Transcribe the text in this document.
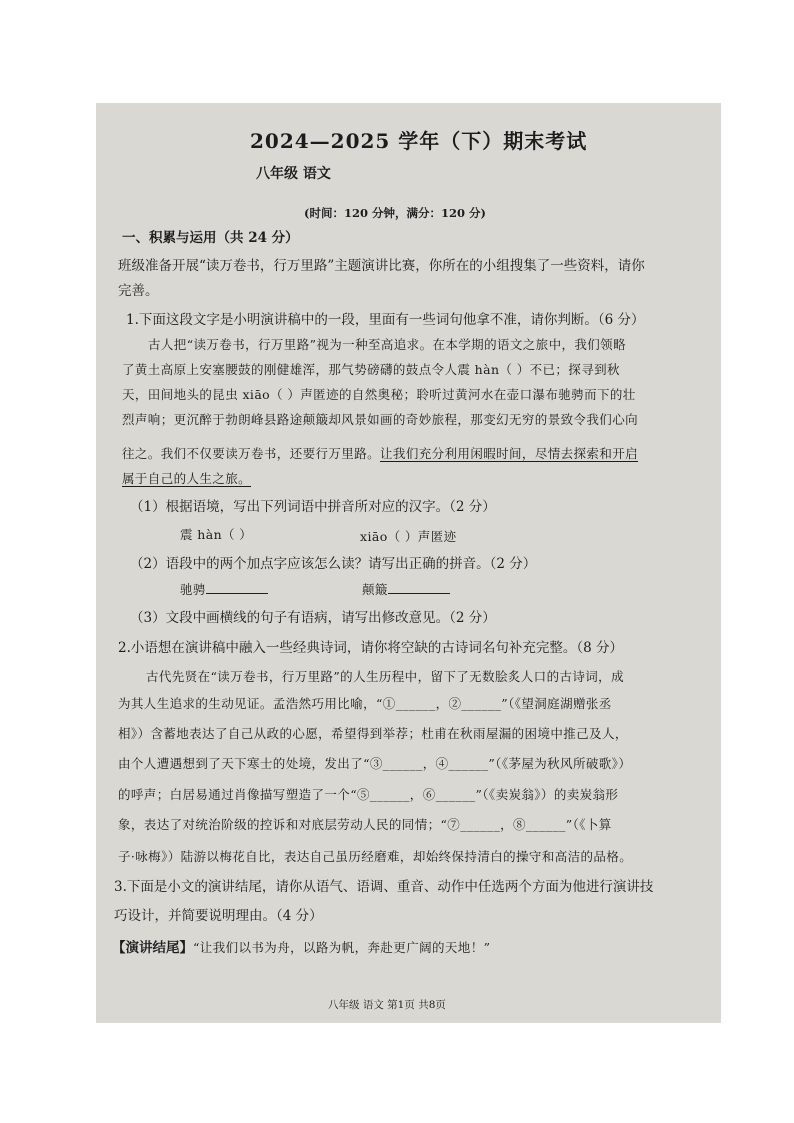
2024—2025 学年（下）期末考试
八年级 语文
(时间：120 分钟，满分：120 分)
一、积累与运用（共 24 分）
班级准备开展“读万卷书，行万里路”主题演讲比赛，你所在的小组搜集了一些资料，请你
完善。
1.下面这段文字是小明演讲稿中的一段，里面有一些词句他拿不准，请你判断。（6 分）
古人把“读万卷书，行万里路”视为一种至高追求。在本学期的语文之旅中，我们领略
了黄土高原上安塞腰鼓的刚健雄浑，那气势磅礴的鼓点令人震 hàn（ ）不已；探寻到秋
天，田间地头的昆虫 xiāo（ ）声匿迹的自然奥秘；聆听过黄河水在壶口瀑布驰骋而下的壮
烈声响；更沉醉于勃朗峰县路途颠簸却风景如画的奇妙旅程，那变幻无穷的景致令我们心向
往之。我们不仅要读万卷书，还要行万里路。让我们充分利用闲暇时间，尽情去探索和开启
属于自己的人生之旅。
（1）根据语境，写出下列词语中拼音所对应的汉字。（2 分）
震 hàn（ ）	xiāo（ ）声匿迹
（2）语段中的两个加点字应该怎么读？请写出正确的拼音。（2 分）
驰骋	颠簸
（3）文段中画横线的句子有语病，请写出修改意见。（2 分）
2.小语想在演讲稿中融入一些经典诗词，请你将空缺的古诗词名句补充完整。（8 分）
古代先贤在“读万卷书，行万里路”的人生历程中，留下了无数脍炙人口的古诗词，成
为其人生追求的生动见证。孟浩然巧用比喻，“①______，②______”（《望洞庭湖赠张丞
相》）含蓄地表达了自己从政的心愿，希望得到举荐；杜甫在秋雨屋漏的困境中推己及人，
由个人遭遇想到了天下寒士的处境，发出了“③______，④______”（《茅屋为秋风所破歌》）
的呼声；白居易通过肖像描写塑造了一个“⑤______，⑥______”（《卖炭翁》）的卖炭翁形
象，表达了对统治阶级的控诉和对底层劳动人民的同情；“⑦______，⑧______”（《卜算
子·咏梅》）陆游以梅花自比，表达自己虽历经磨难，却始终保持清白的操守和高洁的品格。
3.下面是小文的演讲结尾，请你从语气、语调、重音、动作中任选两个方面为他进行演讲技
巧设计，并简要说明理由。（4 分）
【演讲结尾】“让我们以书为舟，以路为帆，奔赴更广阔的天地！”
八年级 语文 第1页 共8页
